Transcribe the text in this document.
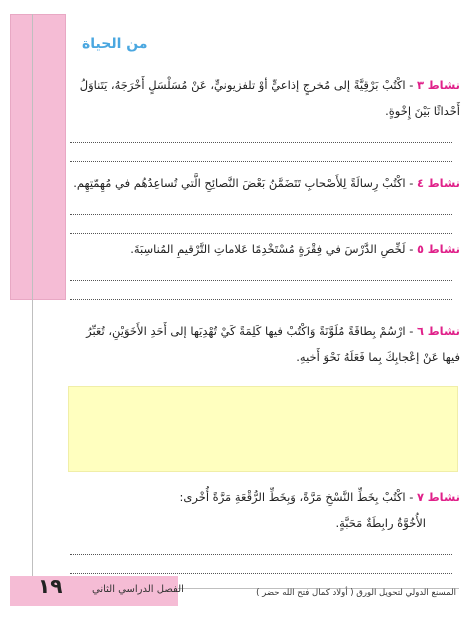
من الحياة

نشاط ٣ - اكْتُبْ بَرْقِيَّةً إلى مُخرجٍ إذاعيٍّ أوْ تلفزيونيٍّ، عَنْ مُسَلْسَلٍ أَخْرَجَهُ، يَتَناوَلُ أَحْداثًا بَيْنَ إِخْوةٍ.

نشاط ٤ - اكْتُبْ رِسالَةً لِلأَصْحابِ تَتَضَمَّنُ بَعْضَ النَّصائِحِ الَّتي تُساعِدُهُم في مُهِمّتِهِم.

نشاط ٥ - لَخِّصِ الدَّرْسَ في فِقْرَةٍ مُسْتَخْدِمًا عَلاماتِ التَّرْقيمِ المُناسِبَةَ.

نشاط ٦ - ارْسُمْ بِطاقَةً مُلَوَّنَةً وَاكْتُبْ فيها كَلِمَةً كَيْ تُهْدِيَها إلى أَحَدِ الأَخَوَيْنِ، تُعَبِّرُ فيها عَنْ إعْجابِكَ بِما فَعَلَهُ نَحْوَ أَخيهِ.

نشاط ٧ - اكْتُبْ بِخَطِّ النَّسْخِ مَرَّةً، وَبِخَطِّ الرُّقْعَةِ مَرَّةً أُخْرى:

الأُخُوَّةُ رابِطَةٌ مَحَبَّةٍ.

١٩	الفصل الدراسي الثاني	المسنع الدولي لتحويل الورق ( أولاد كمال فتح الله حضر )
